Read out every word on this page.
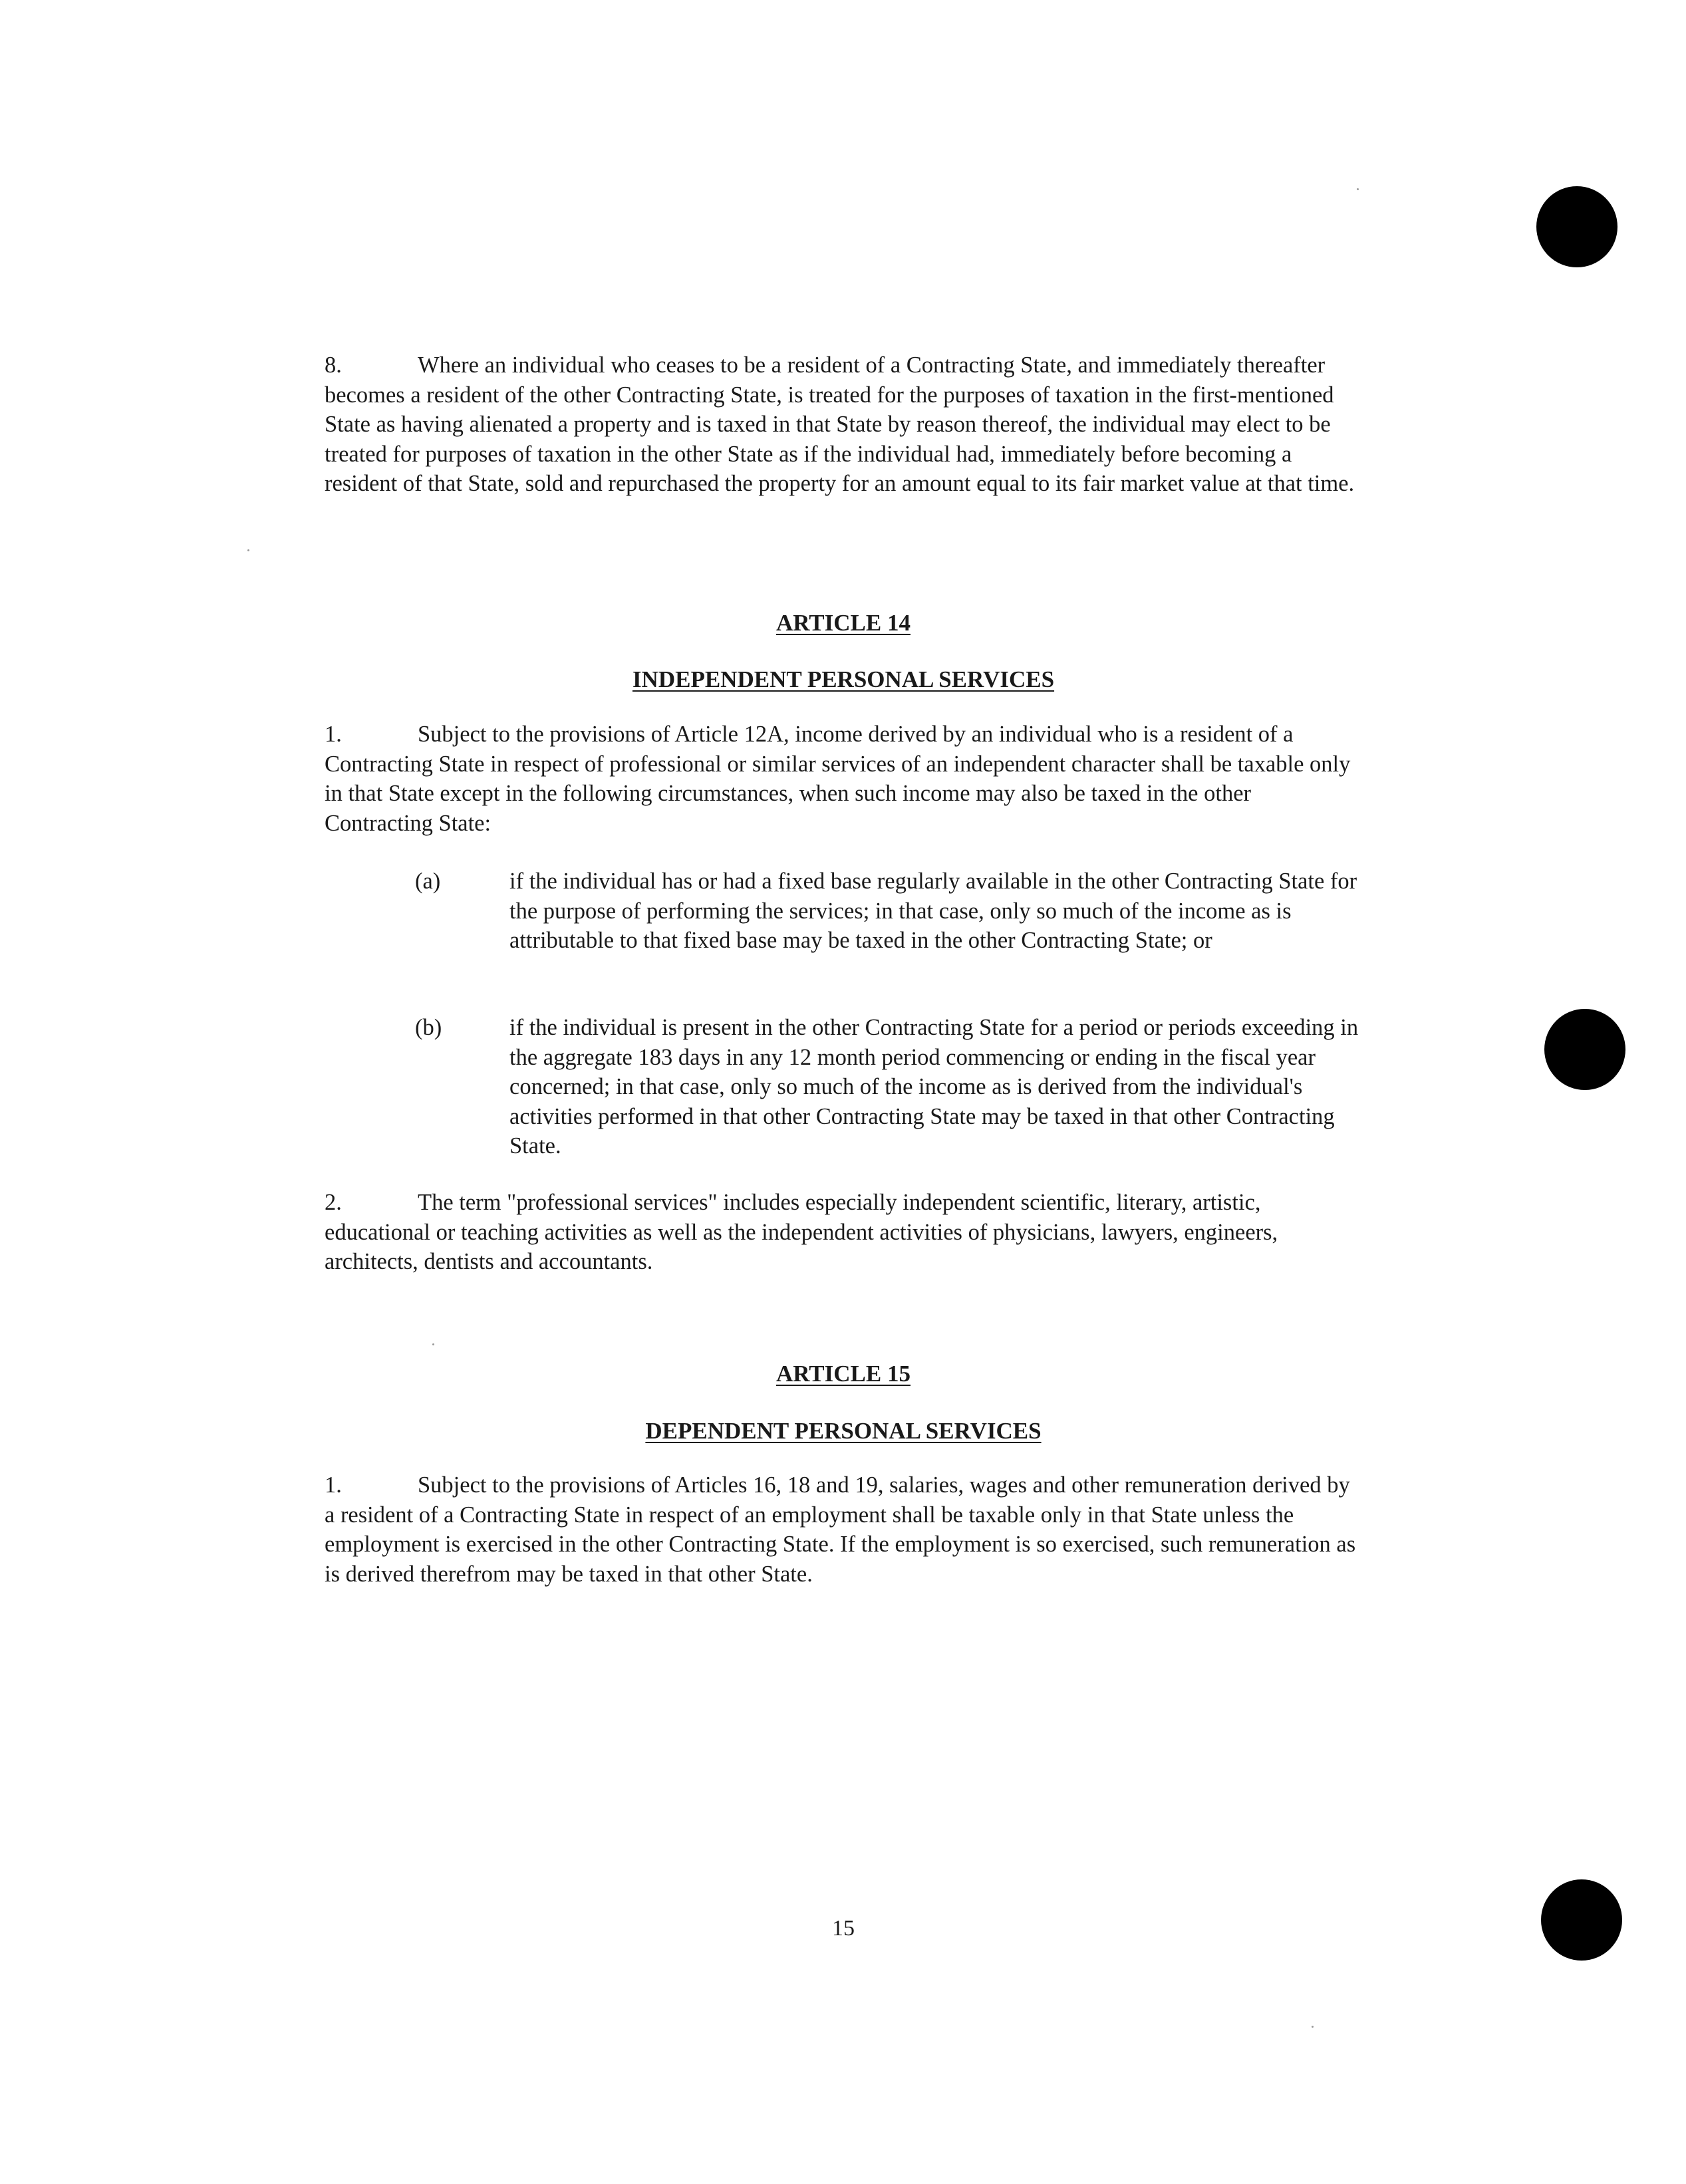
8.	Where an individual who ceases to be a resident of a Contracting State, and immediately thereafter becomes a resident of the other Contracting State, is treated for the purposes of taxation in the first-mentioned State as having alienated a property and is taxed in that State by reason thereof, the individual may elect to be treated for purposes of taxation in the other State as if the individual had, immediately before becoming a resident of that State, sold and repurchased the property for an amount equal to its fair market value at that time.
ARTICLE 14
INDEPENDENT PERSONAL SERVICES
1.	Subject to the provisions of Article 12A, income derived by an individual who is a resident of a Contracting State in respect of professional or similar services of an independent character shall be taxable only in that State except in the following circumstances, when such income may also be taxed in the other Contracting State:
(a)	if the individual has or had a fixed base regularly available in the other Contracting State for the purpose of performing the services; in that case, only so much of the income as is attributable to that fixed base may be taxed in the other Contracting State; or
(b)	if the individual is present in the other Contracting State for a period or periods exceeding in the aggregate 183 days in any 12 month period commencing or ending in the fiscal year concerned; in that case, only so much of the income as is derived from the individual's activities performed in that other Contracting State may be taxed in that other Contracting State.
2.	The term "professional services" includes especially independent scientific, literary, artistic, educational or teaching activities as well as the independent activities of physicians, lawyers, engineers, architects, dentists and accountants.
ARTICLE 15
DEPENDENT PERSONAL SERVICES
1.	Subject to the provisions of Articles 16, 18 and 19, salaries, wages and other remuneration derived by a resident of a Contracting State in respect of an employment shall be taxable only in that State unless the employment is exercised in the other Contracting State. If the employment is so exercised, such remuneration as is derived therefrom may be taxed in that other State.
15
